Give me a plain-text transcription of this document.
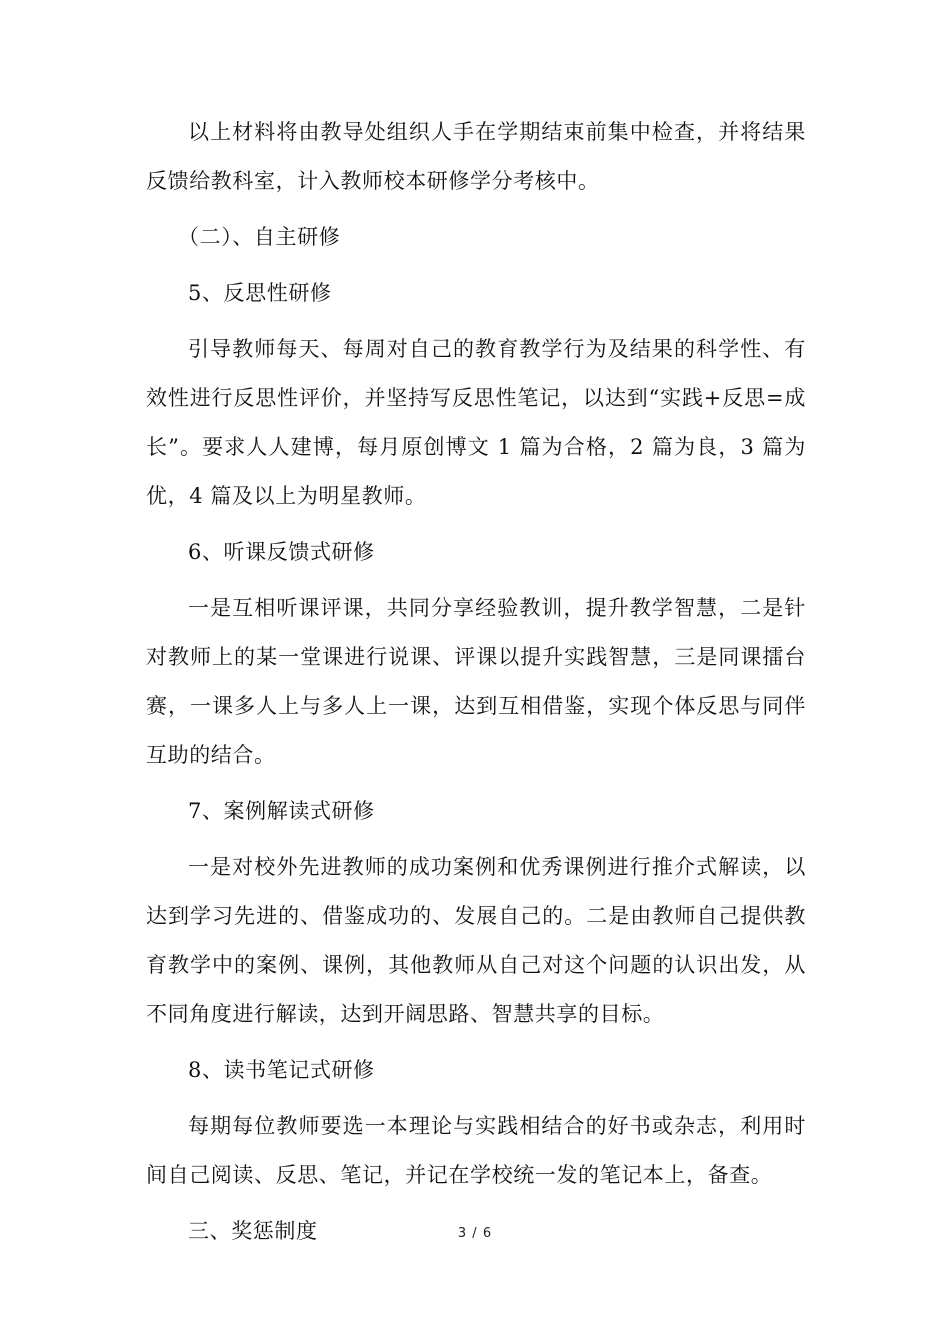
以上材料将由教导处组织人手在学期结束前集中检查，并将结果反馈给教科室，计入教师校本研修学分考核中。

（二）、自主研修

5、反思性研修

引导教师每天、每周对自己的教育教学行为及结果的科学性、有效性进行反思性评价，并坚持写反思性笔记，以达到“实践+反思=成长”。要求人人建博，每月原创博文 1 篇为合格，2 篇为良，3 篇为优，4 篇及以上为明星教师。

6、听课反馈式研修

一是互相听课评课，共同分享经验教训，提升教学智慧，二是针对教师上的某一堂课进行说课、评课以提升实践智慧，三是同课擂台赛，一课多人上与多人上一课，达到互相借鉴，实现个体反思与同伴互助的结合。

7、案例解读式研修

一是对校外先进教师的成功案例和优秀课例进行推介式解读，以达到学习先进的、借鉴成功的、发展自己的。二是由教师自己提供教育教学中的案例、课例，其他教师从自己对这个问题的认识出发，从不同角度进行解读，达到开阔思路、智慧共享的目标。

8、读书笔记式研修

每期每位教师要选一本理论与实践相结合的好书或杂志，利用时间自己阅读、反思、笔记，并记在学校统一发的笔记本上，备查。

三、奖惩制度	3 / 6
